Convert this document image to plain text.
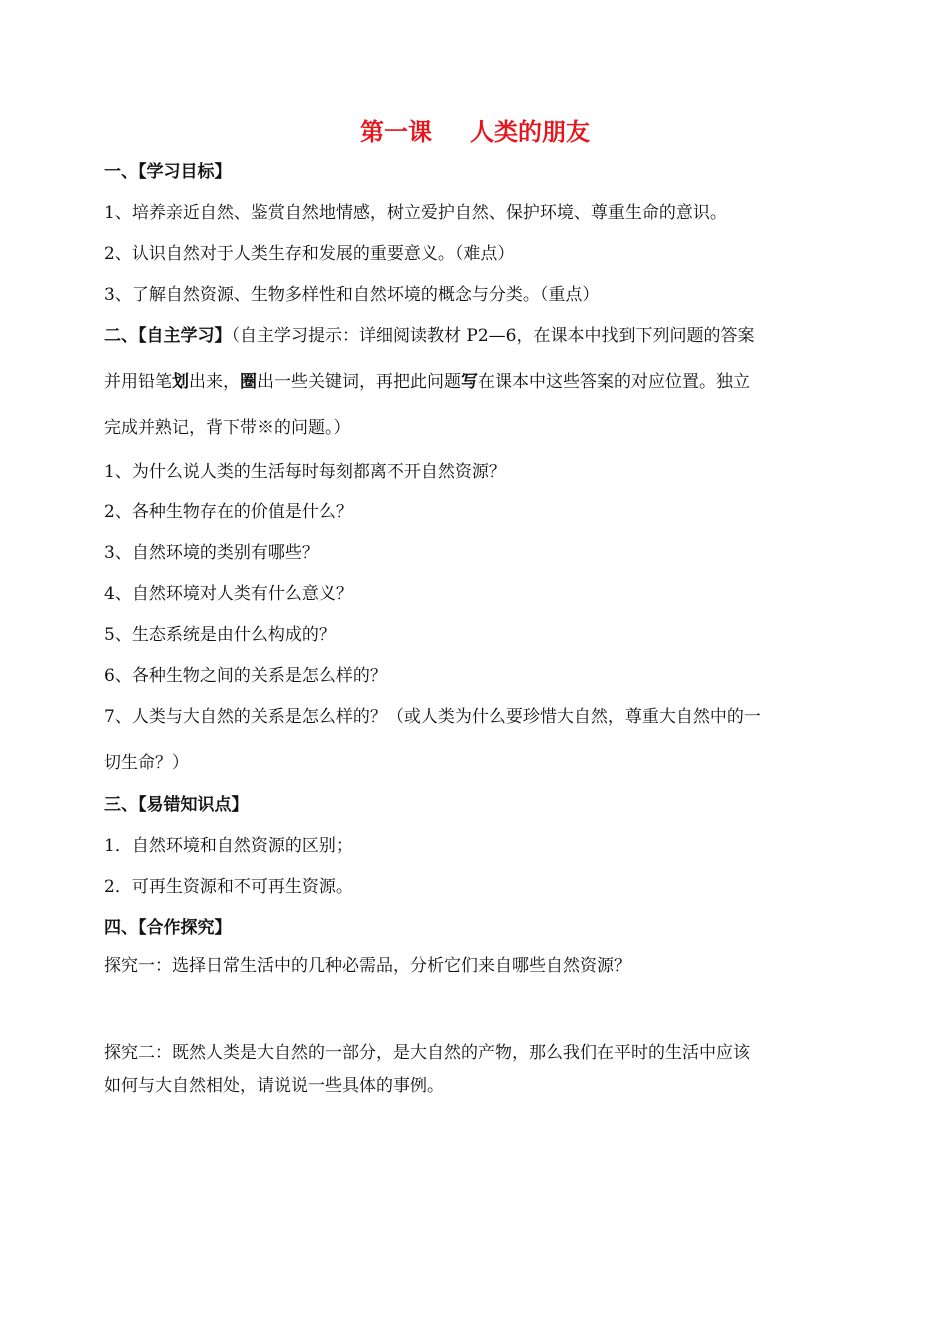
第一课 人类的朋友
一、【学习目标】
1、培养亲近自然、鉴赏自然地情感，树立爱护自然、保护环境、尊重生命的意识。
2、认识自然对于人类生存和发展的重要意义。（难点）
3、了解自然资源、生物多样性和自然坏境的概念与分类。（重点）
二、【自主学习】（自主学习提示：详细阅读教材 P2—6，在课本中找到下列问题的答案
并用铅笔划出来，圈出一些关键词，再把此问题写在课本中这些答案的对应位置。独立
完成并熟记，背下带※的问题。）
1、为什么说人类的生活每时每刻都离不开自然资源？
2、各种生物存在的价值是什么？
3、自然环境的类别有哪些？
4、自然环境对人类有什么意义？
5、生态系统是由什么构成的？
6、各种生物之间的关系是怎么样的？
7、人类与大自然的关系是怎么样的？（或人类为什么要珍惜大自然，尊重大自然中的一
切生命？）
三、【易错知识点】
1．自然环境和自然资源的区别；
2．可再生资源和不可再生资源。
四、【合作探究】
探究一：选择日常生活中的几种必需品，分析它们来自哪些自然资源？
探究二：既然人类是大自然的一部分，是大自然的产物，那么我们在平时的生活中应该
如何与大自然相处，请说说一些具体的事例。
